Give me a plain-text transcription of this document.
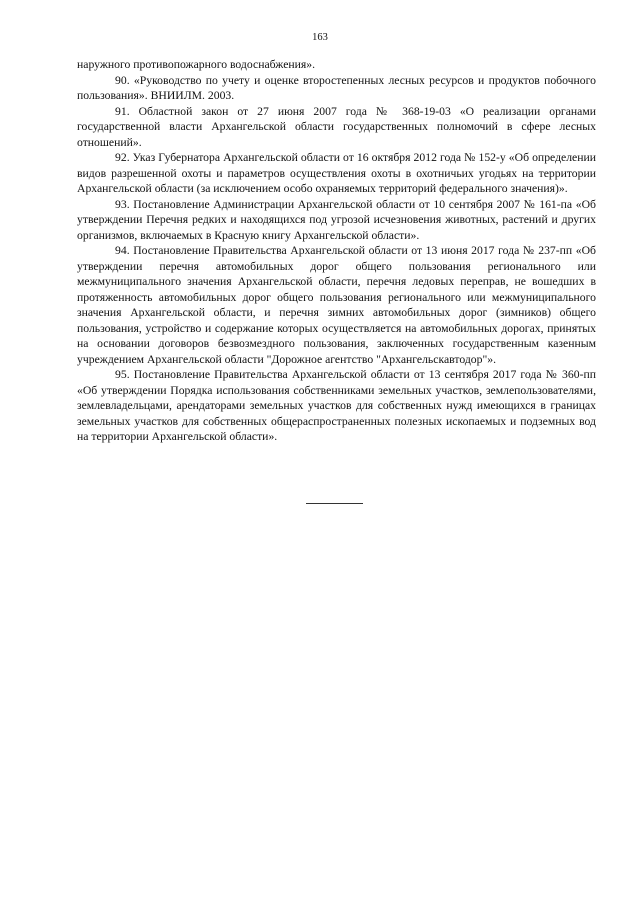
163

наружного противопожарного водоснабжения».

90. «Руководство по учету и оценке второстепенных лесных ресурсов и продуктов побочного пользования». ВНИИЛМ. 2003.

91. Областной закон от 27 июня 2007 года № 368-19-03 «О реализации органами государственной власти Архангельской области государственных полномочий в сфере лесных отношений».

92. Указ Губернатора Архангельской области от 16 октября 2012 года № 152-у «Об определении видов разрешенной охоты и параметров осуществления охоты в охотничьих угодьях на территории Архангельской области (за исключением особо охраняемых территорий федерального значения)».

93. Постановление Администрации Архангельской области от 10 сентября 2007 № 161-па «Об утверждении Перечня редких и находящихся под угрозой исчезновения животных, растений и других организмов, включаемых в Красную книгу Архангельской области».

94. Постановление Правительства Архангельской области от 13 июня 2017 года № 237-пп «Об утверждении перечня автомобильных дорог общего пользования регионального или межмуниципального значения Архангельской области, перечня ледовых переправ, не вошедших в протяженность автомобильных дорог общего пользования регионального или межмуниципального значения Архангельской области, и перечня зимних автомобильных дорог (зимников) общего пользования, устройство и содержание которых осуществляется на автомобильных дорогах, принятых на основании договоров безвозмездного пользования, заключенных государственным казенным учреждением Архангельской области "Дорожное агентство "Архангельскавтодор"».

95. Постановление Правительства Архангельской области от 13 сентября 2017 года № 360-пп «Об утверждении Порядка использования собственниками земельных участков, землепользователями, землевладельцами, арендаторами земельных участков для собственных нужд имеющихся в границах земельных участков для собственных общераспространенных полезных ископаемых и подземных вод на территории Архангельской области».
